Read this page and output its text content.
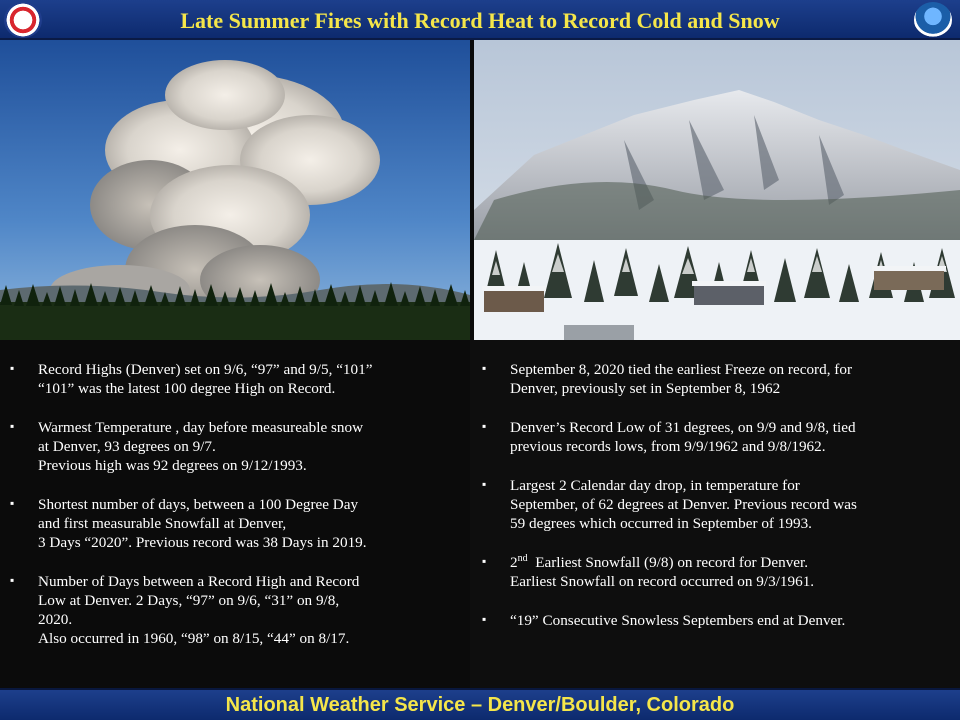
Late Summer Fires with Record Heat to Record Cold and Snow
▪ Record Highs (Denver) set on 9/6, “97” and 9/5, “101”
“101” was the latest 100 degree High on Record.
▪ Warmest Temperature , day before measureable snow
at Denver, 93 degrees on 9/7.
Previous high was 92 degrees on 9/12/1993.
▪ Shortest number of days, between a 100 Degree Day
and first measurable Snowfall at Denver,
3 Days “2020”. Previous record was 38 Days in 2019.
▪ Number of Days between a Record High and Record
Low at Denver. 2 Days, “97” on 9/6, “31” on 9/8,
2020.
Also occurred in 1960, “98” on 8/15, “44” on 8/17.
▪ September 8, 2020 tied the earliest Freeze on record, for
Denver, previously set in September 8, 1962
▪ Denver’s Record Low of 31 degrees, on 9/9 and 9/8, tied
previous records lows, from 9/9/1962 and 9/8/1962.
▪ Largest 2 Calendar day drop, in temperature for
September, of 62 degrees at Denver. Previous record was
59 degrees which occurred in September of 1993.
▪ 2nd  Earliest Snowfall (9/8) on record for Denver.
Earliest Snowfall on record occurred on 9/3/1961.
▪ “19” Consecutive Snowless Septembers end at Denver.
National Weather Service – Denver/Boulder, Colorado
